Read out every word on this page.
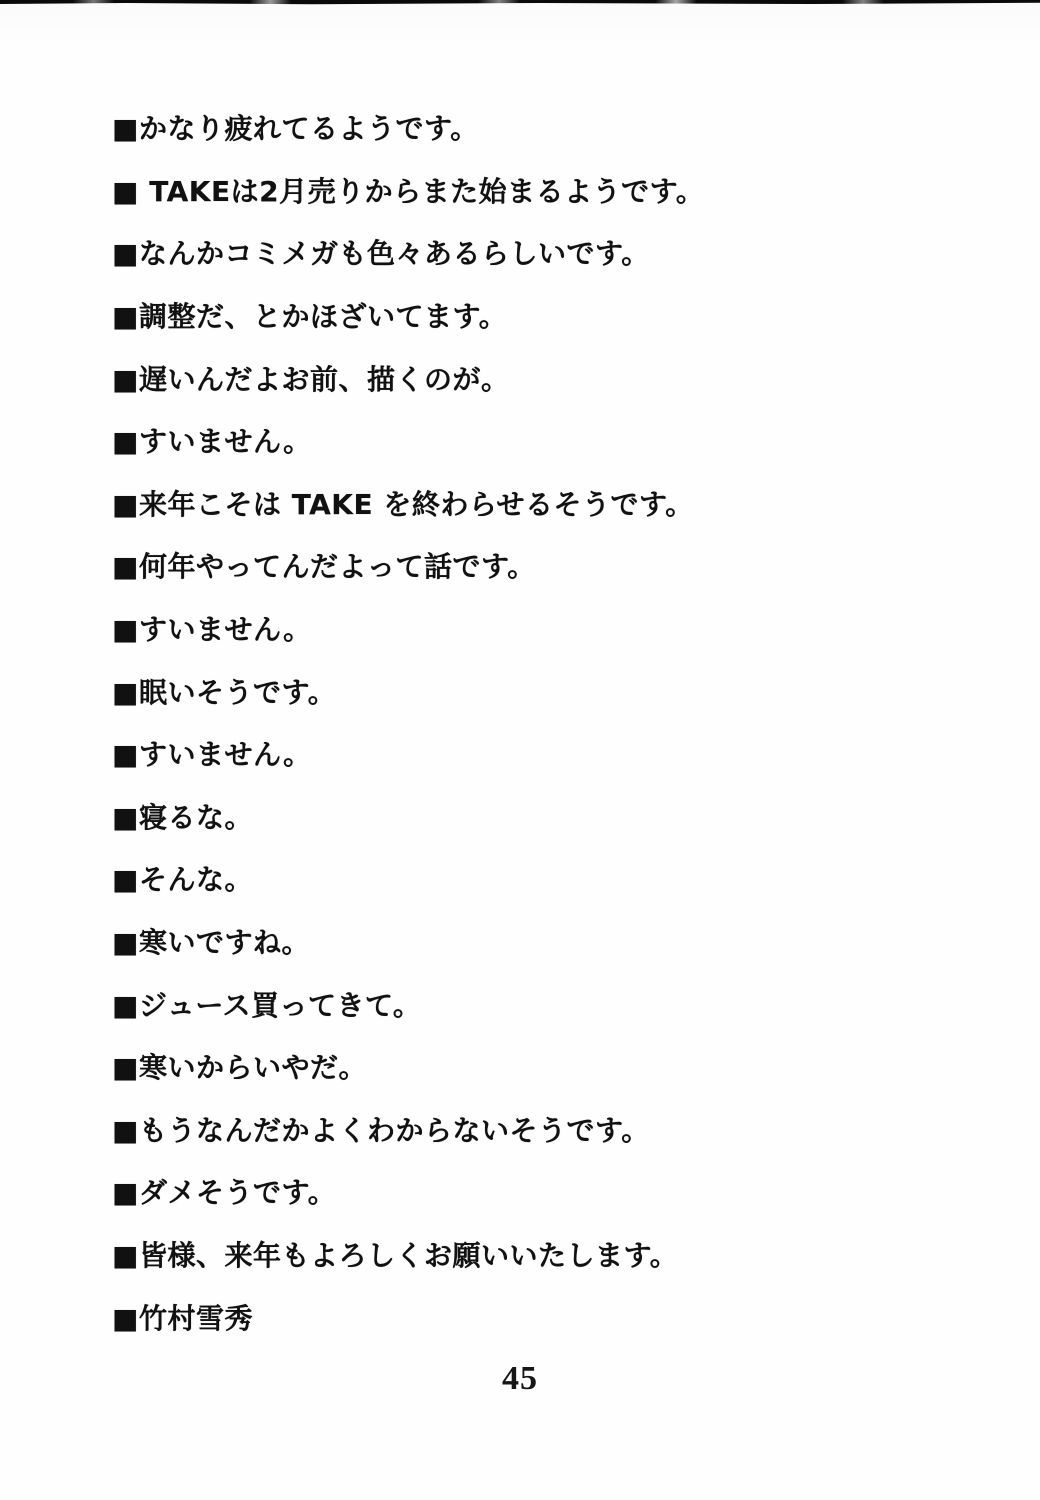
■かなり疲れてるようです。
■ TAKEは2月売りからまた始まるようです。
■なんかコミメガも色々あるらしいです。
■調整だ、とかほざいてます。
■遅いんだよお前、描くのが。
■すいません。
■来年こそは TAKE を終わらせるそうです。
■何年やってんだよって話です。
■すいません。
■眠いそうです。
■すいません。
■寝るな。
■そんな。
■寒いですね。
■ジュース買ってきて。
■寒いからいやだ。
■もうなんだかよくわからないそうです。
■ダメそうです。
■皆様、来年もよろしくお願いいたします。
■竹村雪秀
45
